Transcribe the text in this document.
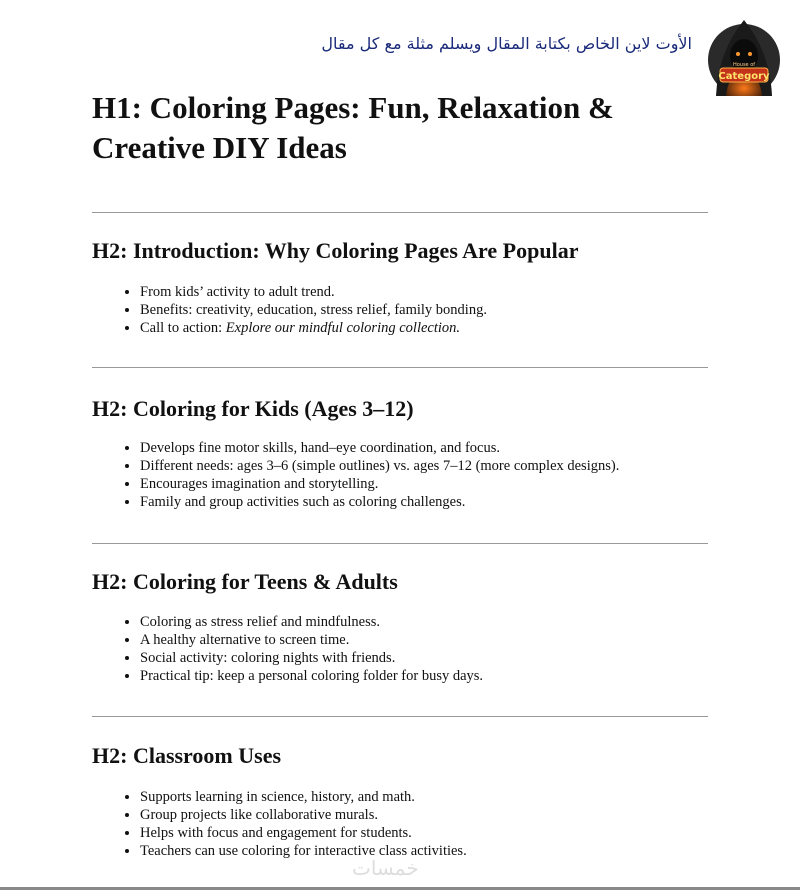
الأوت لاين الخاص بكتابة المقال ويسلم مثلة مع كل مقال
House of
Category
H1: Coloring Pages: Fun, Relaxation & Creative DIY Ideas
H2: Introduction: Why Coloring Pages Are Popular
• From kids’ activity to adult trend.
• Benefits: creativity, education, stress relief, family bonding.
• Call to action: Explore our mindful coloring collection.
H2: Coloring for Kids (Ages 3–12)
• Develops fine motor skills, hand–eye coordination, and focus.
• Different needs: ages 3–6 (simple outlines) vs. ages 7–12 (more complex designs).
• Encourages imagination and storytelling.
• Family and group activities such as coloring challenges.
H2: Coloring for Teens & Adults
• Coloring as stress relief and mindfulness.
• A healthy alternative to screen time.
• Social activity: coloring nights with friends.
• Practical tip: keep a personal coloring folder for busy days.
H2: Classroom Uses
• Supports learning in science, history, and math.
• Group projects like collaborative murals.
• Helps with focus and engagement for students.
• Teachers can use coloring for interactive class activities.
خمسات
